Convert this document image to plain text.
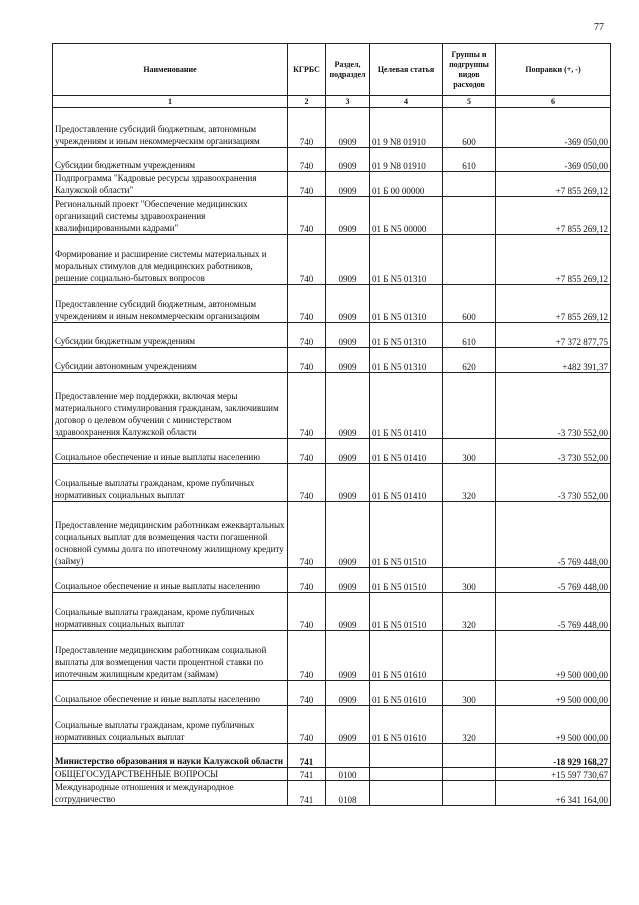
77
Наименование	КГРБС	Раздел, подраздел	Целевая статья	Группы и подгруппы видов расходов	Поправки (+, -)
1	2	3	4	5	6
Предоставление субсидий бюджетным, автономным учреждениям и иным некоммерческим организациям	740	0909	01 9 N8 01910	600	-369 050,00
Субсидии бюджетным учреждениям	740	0909	01 9 N8 01910	610	-369 050,00
Подпрограмма "Кадровые ресурсы здравоохранения Калужской области"	740	0909	01 Б 00 00000		+7 855 269,12
Региональный проект "Обеспечение медицинских организаций системы здравоохранения квалифицированными кадрами"	740	0909	01 Б N5 00000		+7 855 269,12
Формирование и расширение системы материальных и моральных стимулов для медицинских работников, решение социально-бытовых вопросов	740	0909	01 Б N5 01310		+7 855 269,12
Предоставление субсидий бюджетным, автономным учреждениям и иным некоммерческим организациям	740	0909	01 Б N5 01310	600	+7 855 269,12
Субсидии бюджетным учреждениям	740	0909	01 Б N5 01310	610	+7 372 877,75
Субсидии автономным учреждениям	740	0909	01 Б N5 01310	620	+482 391,37
Предоставление мер поддержки, включая меры материального стимулирования гражданам, заключившим договор о целевом обучении с министерством здравоохранения Калужской области	740	0909	01 Б N5 01410		-3 730 552,00
Социальное обеспечение и иные выплаты населению	740	0909	01 Б N5 01410	300	-3 730 552,00
Социальные выплаты гражданам, кроме публичных нормативных социальных выплат	740	0909	01 Б N5 01410	320	-3 730 552,00
Предоставление медицинским работникам ежеквартальных социальных выплат для возмещения части погашенной основной суммы долга по ипотечному жилищному кредиту (займу)	740	0909	01 Б N5 01510		-5 769 448,00
Социальное обеспечение и иные выплаты населению	740	0909	01 Б N5 01510	300	-5 769 448,00
Социальные выплаты гражданам, кроме публичных нормативных социальных выплат	740	0909	01 Б N5 01510	320	-5 769 448,00
Предоставление медицинским работникам социальной выплаты для возмещения части процентной ставки по ипотечным жилищным кредитам (займам)	740	0909	01 Б N5 01610		+9 500 000,00
Социальное обеспечение и иные выплаты населению	740	0909	01 Б N5 01610	300	+9 500 000,00
Социальные выплаты гражданам, кроме публичных нормативных социальных выплат	740	0909	01 Б N5 01610	320	+9 500 000,00
Министерство образования и науки Калужской области	741				-18 929 168,27
ОБЩЕГОСУДАРСТВЕННЫЕ ВОПРОСЫ	741	0100			+15 597 730,67
Международные отношения и международное сотрудничество	741	0108			+6 341 164,00
